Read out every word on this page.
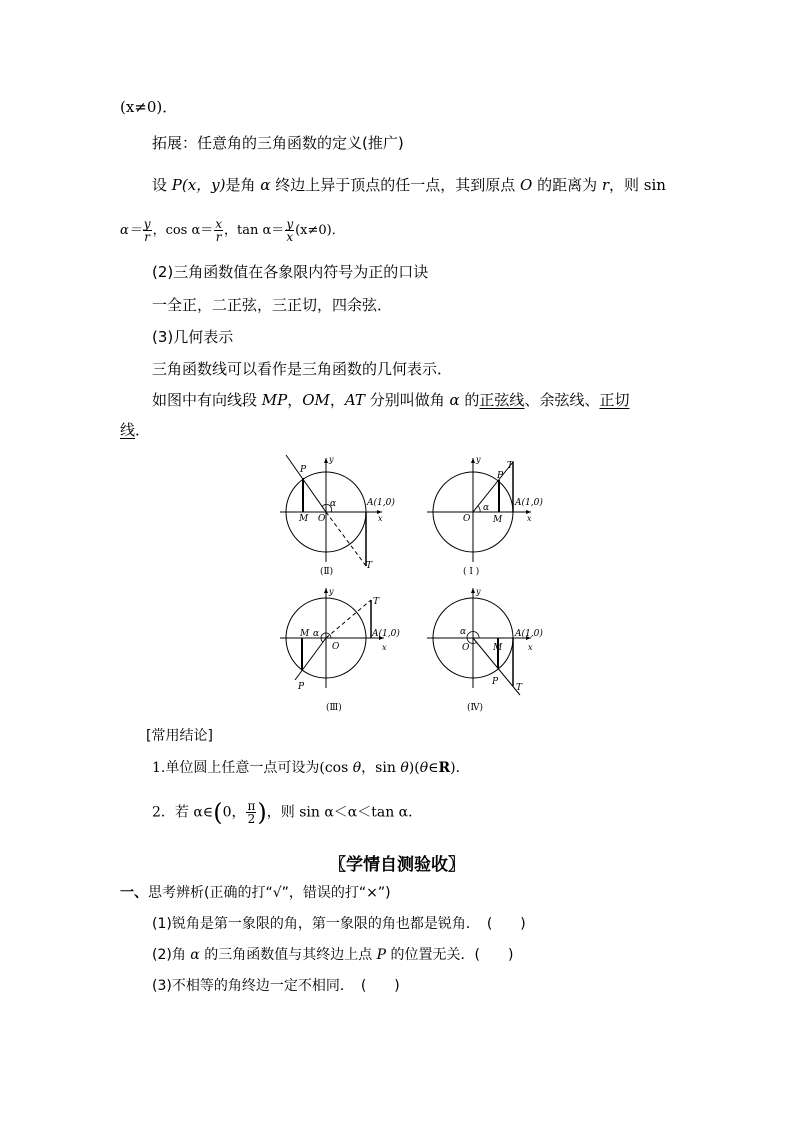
(x≠0)．
拓展：任意角的三角函数的定义(推广)
设 P(x，y)是角 α 终边上异于顶点的任一点，其到原点 O 的距离为 r，则 sin
$\alpha= \frac{y}{r}$ ，$\cos \alpha= \frac{x}{r}$ ，$\tan \alpha= \frac{y}{x} (x\ne 0)$．
(2)三角函数值在各象限内符号为正的口诀
一全正，二正弦，三正切，四余弦．
(3)几何表示
三角函数线可以看作是三角函数的几何表示．
如图中有向线段 MP，OM，AT 分别叫做角 α 的正弦线、余弦线、正切
线．
P
M O
α	A(1,0)
x
y
T
(Ⅱ)
P
M
O
α	A(1,0)
x
y
T
( I )
P
M
O
α	A(1,0)
x
y
T
(Ⅲ)
P
M
O
α	A(1,0)
x
y
T
(Ⅳ)
[常用结论]
1.单位圆上任意一点可设为(cos θ，sin θ)(θ∈R)．
2．若 α∈(0， $\frac{\pi}{2}$ )，则 sin α＜α＜tan α．
〖学情自测验收〗
一、思考辨析(正确的打“√”，错误的打“×”)
(1)锐角是第一象限的角，第一象限的角也都是锐角．　(　　)
(2)角 α 的三角函数值与其终边上点 P 的位置无关．(　　)
(3)不相等的角终边一定不相同．　(　　)
